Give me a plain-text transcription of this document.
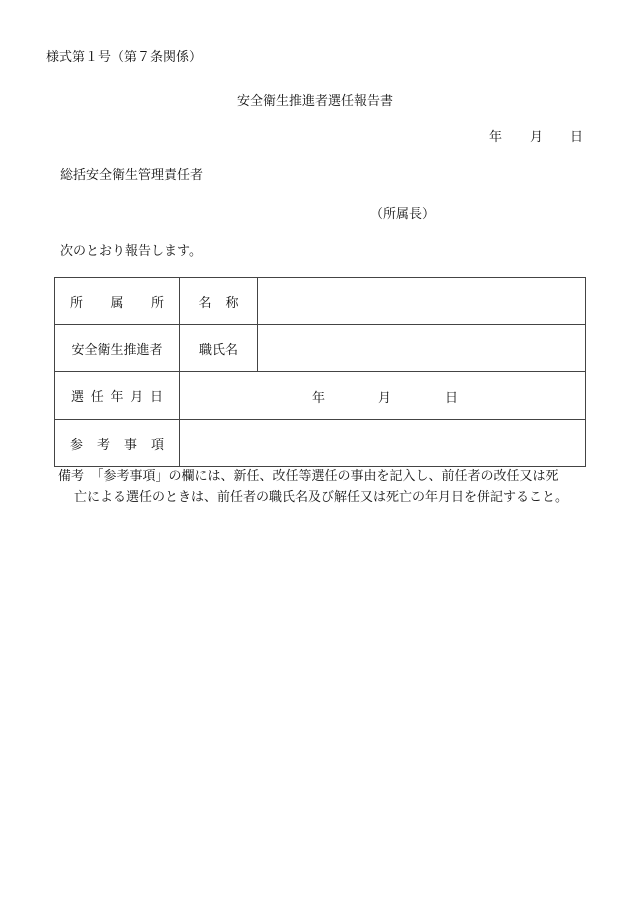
様式第１号（第７条関係）
安全衛生推進者選任報告書
年 月 日
総括安全衛生管理責任者
（所属長）
次のとおり報告します。
所 属 所	名 称	

安全衛生推進者	職氏名	

選 任 年 月 日	年 月 日	

参 考 事 項		

備考　「参考事項」の欄には、新任、改任等選任の事由を記入し、前任者の改任又は死
亡による選任のときは、前任者の職氏名及び解任又は死亡の年月日を併記すること。
